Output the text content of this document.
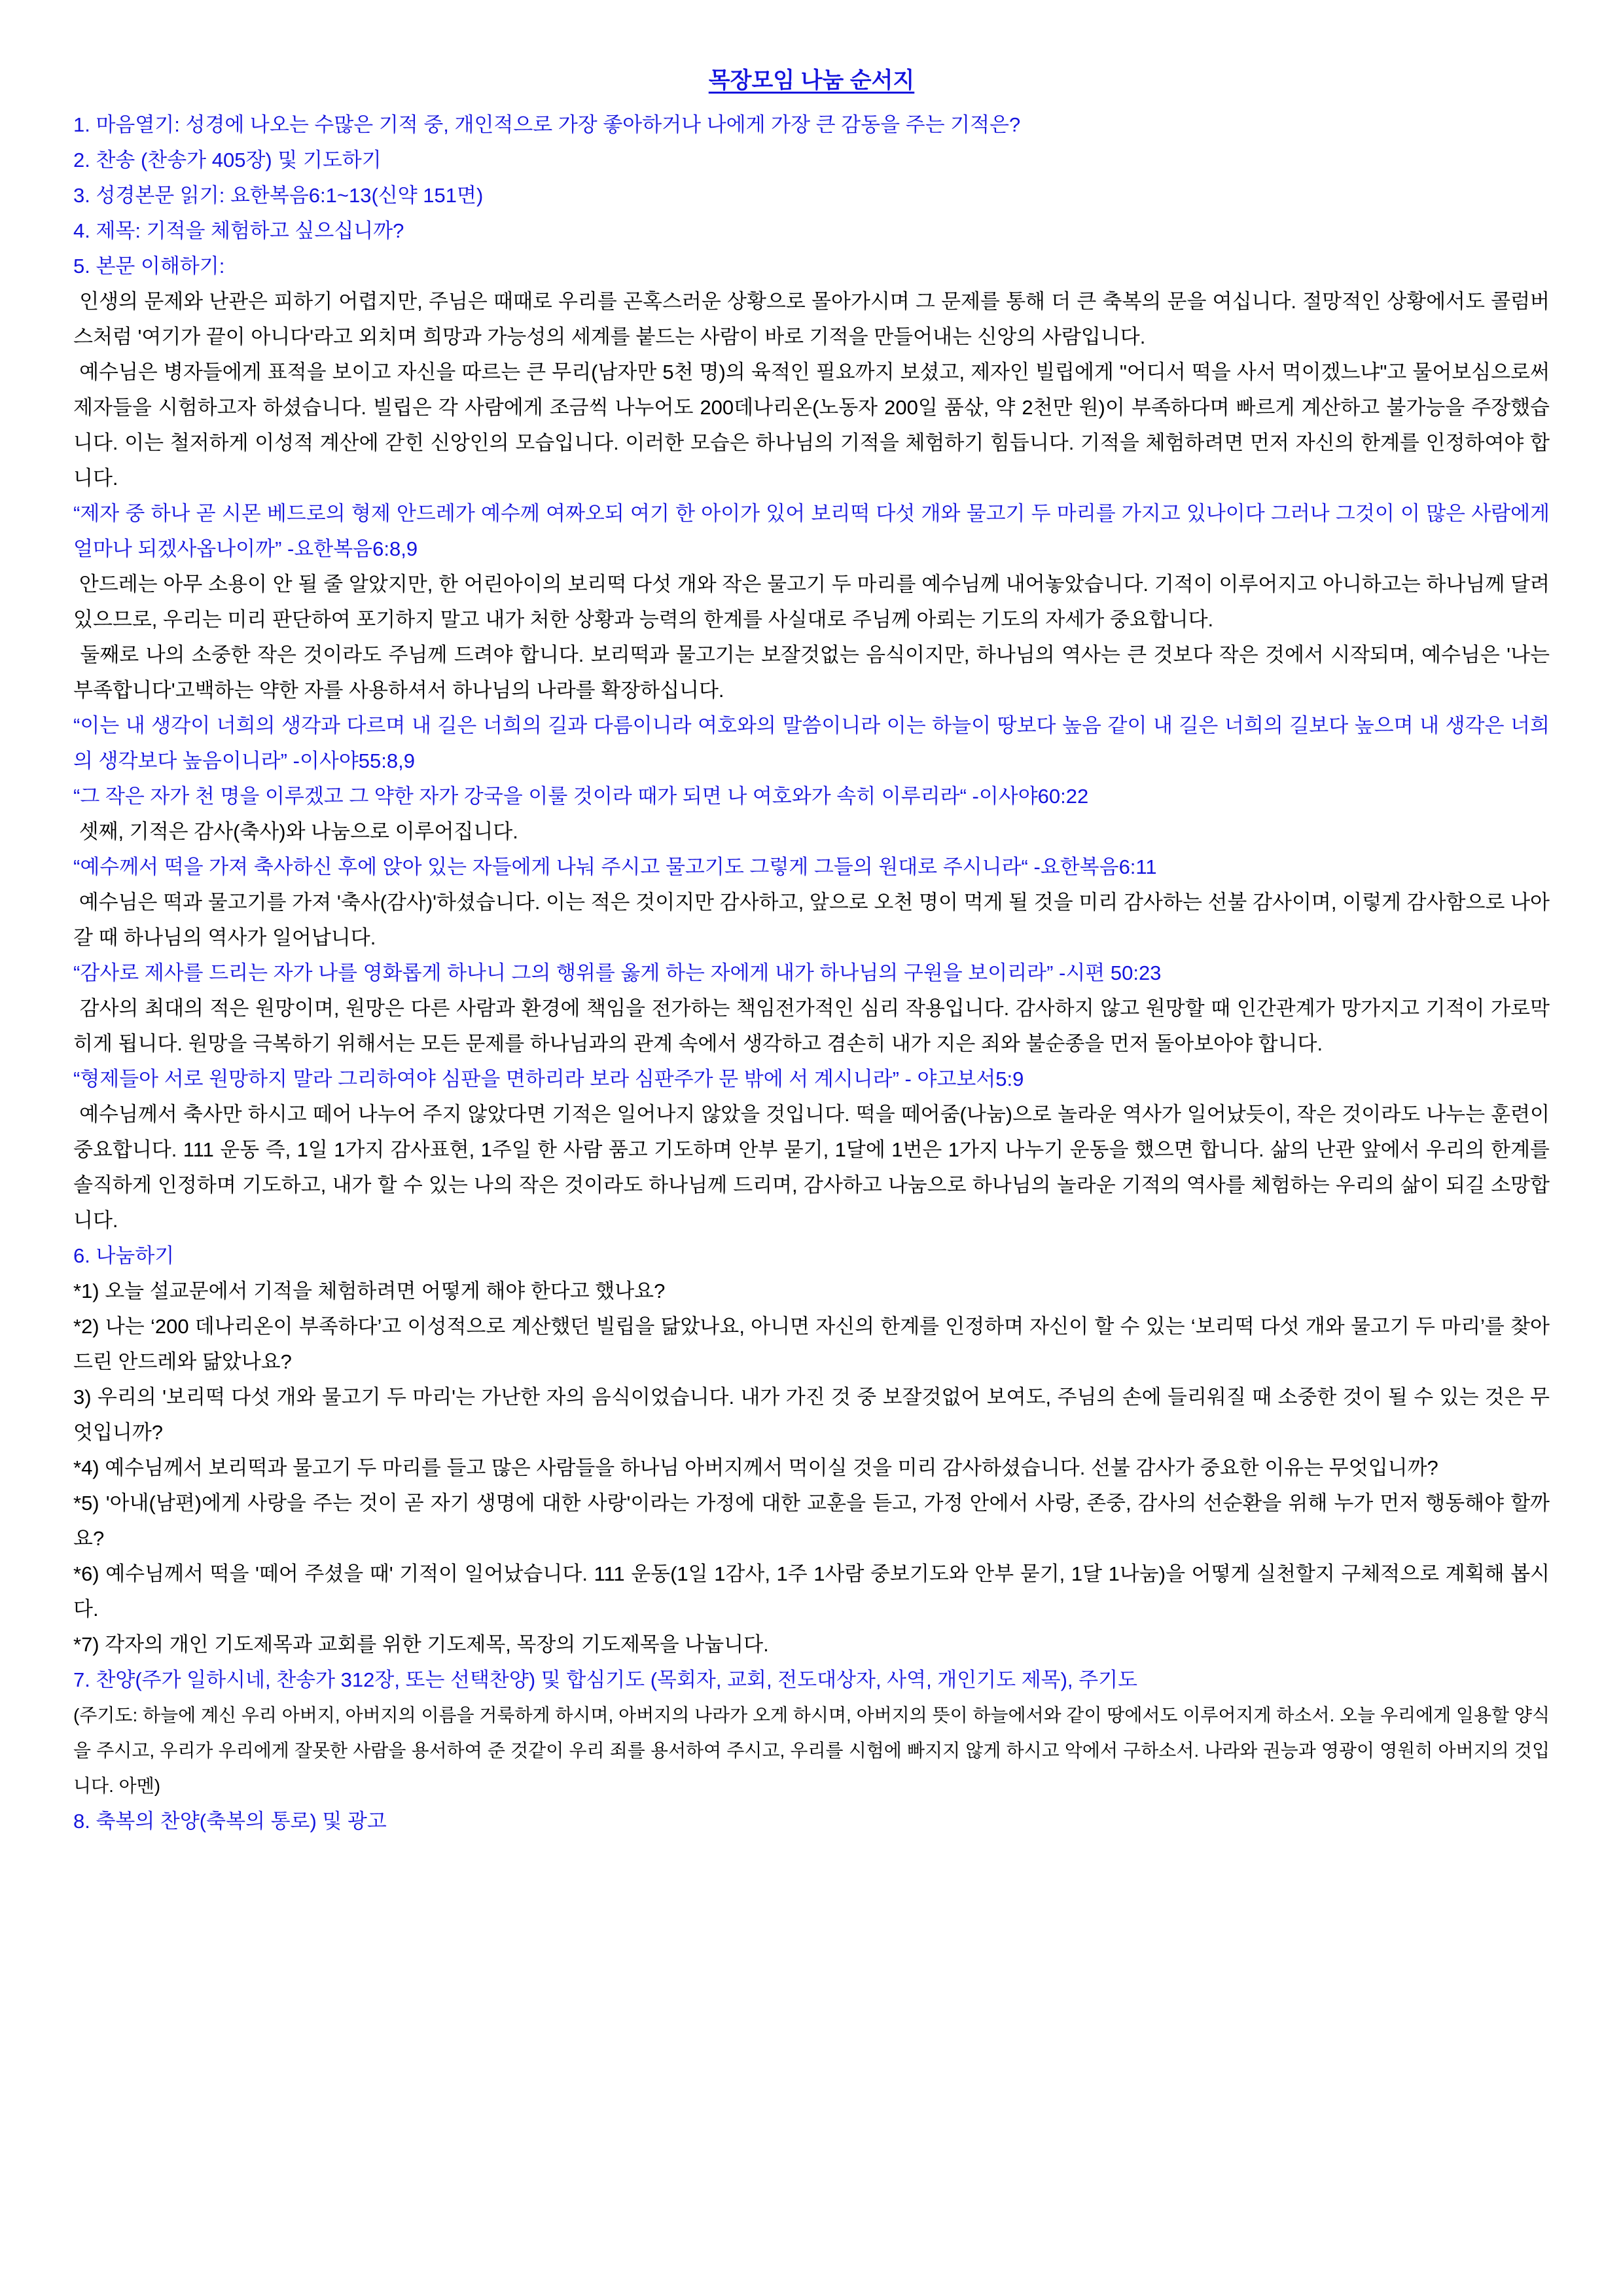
목장모임 나눔 순서지
1. 마음열기: 성경에 나오는 수많은 기적 중, 개인적으로 가장 좋아하거나 나에게 가장 큰 감동을 주는 기적은?
2. 찬송 (찬송가 405장) 및 기도하기
3. 성경본문 읽기: 요한복음6:1~13(신약 151면)
4. 제목: 기적을 체험하고 싶으십니까?
5. 본문 이해하기:
인생의 문제와 난관은 피하기 어렵지만, 주님은 때때로 우리를 곤혹스러운 상황으로 몰아가시며 그 문제를 통해 더 큰 축복의 문을 여십니다. 절망적인 상황에서도 콜럼버스처럼 '여기가 끝이 아니다'라고 외치며 희망과 가능성의 세계를 붙드는 사람이 바로 기적을 만들어내는 신앙의 사람입니다.
예수님은 병자들에게 표적을 보이고 자신을 따르는 큰 무리(남자만 5천 명)의 육적인 필요까지 보셨고, 제자인 빌립에게 "어디서 떡을 사서 먹이겠느냐"고 물어보심으로써 제자들을 시험하고자 하셨습니다. 빌립은 각 사람에게 조금씩 나누어도 200데나리온(노동자 200일 품삯, 약 2천만 원)이 부족하다며 빠르게 계산하고 불가능을 주장했습니다. 이는 철저하게 이성적 계산에 갇힌 신앙인의 모습입니다. 이러한 모습은 하나님의 기적을 체험하기 힘듭니다. 기적을 체험하려면 먼저 자신의 한계를 인정하여야 합니다.
“제자 중 하나 곧 시몬 베드로의 형제 안드레가 예수께 여짜오되 여기 한 아이가 있어 보리떡 다섯 개와 물고기 두 마리를 가지고 있나이다 그러나 그것이 이 많은 사람에게 얼마나 되겠사옵나이까” -요한복음6:8,9
안드레는 아무 소용이 안 될 줄 알았지만, 한 어린아이의 보리떡 다섯 개와 작은 물고기 두 마리를 예수님께 내어놓았습니다. 기적이 이루어지고 아니하고는 하나님께 달려 있으므로, 우리는 미리 판단하여 포기하지 말고 내가 처한 상황과 능력의 한계를 사실대로 주님께 아뢰는 기도의 자세가 중요합니다.
둘째로 나의 소중한 작은 것이라도 주님께 드려야 합니다. 보리떡과 물고기는 보잘것없는 음식이지만, 하나님의 역사는 큰 것보다 작은 것에서 시작되며, 예수님은 '나는 부족합니다'고백하는 약한 자를 사용하셔서 하나님의 나라를 확장하십니다.
“이는 내 생각이 너희의 생각과 다르며 내 길은 너희의 길과 다름이니라 여호와의 말씀이니라 이는 하늘이 땅보다 높음 같이 내 길은 너희의 길보다 높으며 내 생각은 너희의 생각보다 높음이니라” -이사야55:8,9
“그 작은 자가 천 명을 이루겠고 그 약한 자가 강국을 이룰 것이라 때가 되면 나 여호와가 속히 이루리라“ -이사야60:22
셋째, 기적은 감사(축사)와 나눔으로 이루어집니다.
“예수께서 떡을 가져 축사하신 후에 앉아 있는 자들에게 나눠 주시고 물고기도 그렇게 그들의 원대로 주시니라“ -요한복음6:11
예수님은 떡과 물고기를 가져 '축사(감사)'하셨습니다. 이는 적은 것이지만 감사하고, 앞으로 오천 명이 먹게 될 것을 미리 감사하는 선불 감사이며, 이렇게 감사함으로 나아갈 때 하나님의 역사가 일어납니다.
“감사로 제사를 드리는 자가 나를 영화롭게 하나니 그의 행위를 옳게 하는 자에게 내가 하나님의 구원을 보이리라” -시편 50:23
감사의 최대의 적은 원망이며, 원망은 다른 사람과 환경에 책임을 전가하는 책임전가적인 심리 작용입니다. 감사하지 않고 원망할 때 인간관계가 망가지고 기적이 가로막히게 됩니다. 원망을 극복하기 위해서는 모든 문제를 하나님과의 관계 속에서 생각하고 겸손히 내가 지은 죄와 불순종을 먼저 돌아보아야 합니다.
“형제들아 서로 원망하지 말라 그리하여야 심판을 면하리라 보라 심판주가 문 밖에 서 계시니라” - 야고보서5:9
예수님께서 축사만 하시고 떼어 나누어 주지 않았다면 기적은 일어나지 않았을 것입니다. 떡을 떼어줌(나눔)으로 놀라운 역사가 일어났듯이, 작은 것이라도 나누는 훈련이 중요합니다. 111 운동 즉, 1일 1가지 감사표현, 1주일 한 사람 품고 기도하며 안부 묻기, 1달에 1번은 1가지 나누기 운동을 했으면 합니다. 삶의 난관 앞에서 우리의 한계를 솔직하게 인정하며 기도하고, 내가 할 수 있는 나의 작은 것이라도 하나님께 드리며, 감사하고 나눔으로 하나님의 놀라운 기적의 역사를 체험하는 우리의 삶이 되길 소망합니다.
6. 나눔하기
*1) 오늘 설교문에서 기적을 체험하려면 어떻게 해야 한다고 했나요?
*2) 나는 ‘200 데나리온이 부족하다’고 이성적으로 계산했던 빌립을 닮았나요, 아니면 자신의 한계를 인정하며 자신이 할 수 있는 ‘보리떡 다섯 개와 물고기 두 마리’를 찾아 드린 안드레와 닮았나요?
3) 우리의 '보리떡 다섯 개와 물고기 두 마리'는 가난한 자의 음식이었습니다. 내가 가진 것 중 보잘것없어 보여도, 주님의 손에 들리워질 때 소중한 것이 될 수 있는 것은 무엇입니까?
*4) 예수님께서 보리떡과 물고기 두 마리를 들고 많은 사람들을 하나님 아버지께서 먹이실 것을 미리 감사하셨습니다. 선불 감사가 중요한 이유는 무엇입니까?
*5) '아내(남편)에게 사랑을 주는 것이 곧 자기 생명에 대한 사랑'이라는 가정에 대한 교훈을 듣고, 가정 안에서 사랑, 존중, 감사의 선순환을 위해 누가 먼저 행동해야 할까요?
*6) 예수님께서 떡을 '떼어 주셨을 때' 기적이 일어났습니다. 111 운동(1일 1감사, 1주 1사람 중보기도와 안부 묻기, 1달 1나눔)을 어떻게 실천할지 구체적으로 계획해 봅시다.
*7) 각자의 개인 기도제목과 교회를 위한 기도제목, 목장의 기도제목을 나눕니다.
7. 찬양(주가 일하시네, 찬송가 312장, 또는 선택찬양) 및 합심기도 (목회자, 교회, 전도대상자, 사역, 개인기도 제목), 주기도
(주기도: 하늘에 계신 우리 아버지, 아버지의 이름을 거룩하게 하시며, 아버지의 나라가 오게 하시며, 아버지의 뜻이 하늘에서와 같이 땅에서도 이루어지게 하소서. 오늘 우리에게 일용할 양식을 주시고, 우리가 우리에게 잘못한 사람을 용서하여 준 것같이 우리 죄를 용서하여 주시고, 우리를 시험에 빠지지 않게 하시고 악에서 구하소서. 나라와 권능과 영광이 영원히 아버지의 것입니다. 아멘)
8. 축복의 찬양(축복의 통로) 및 광고
